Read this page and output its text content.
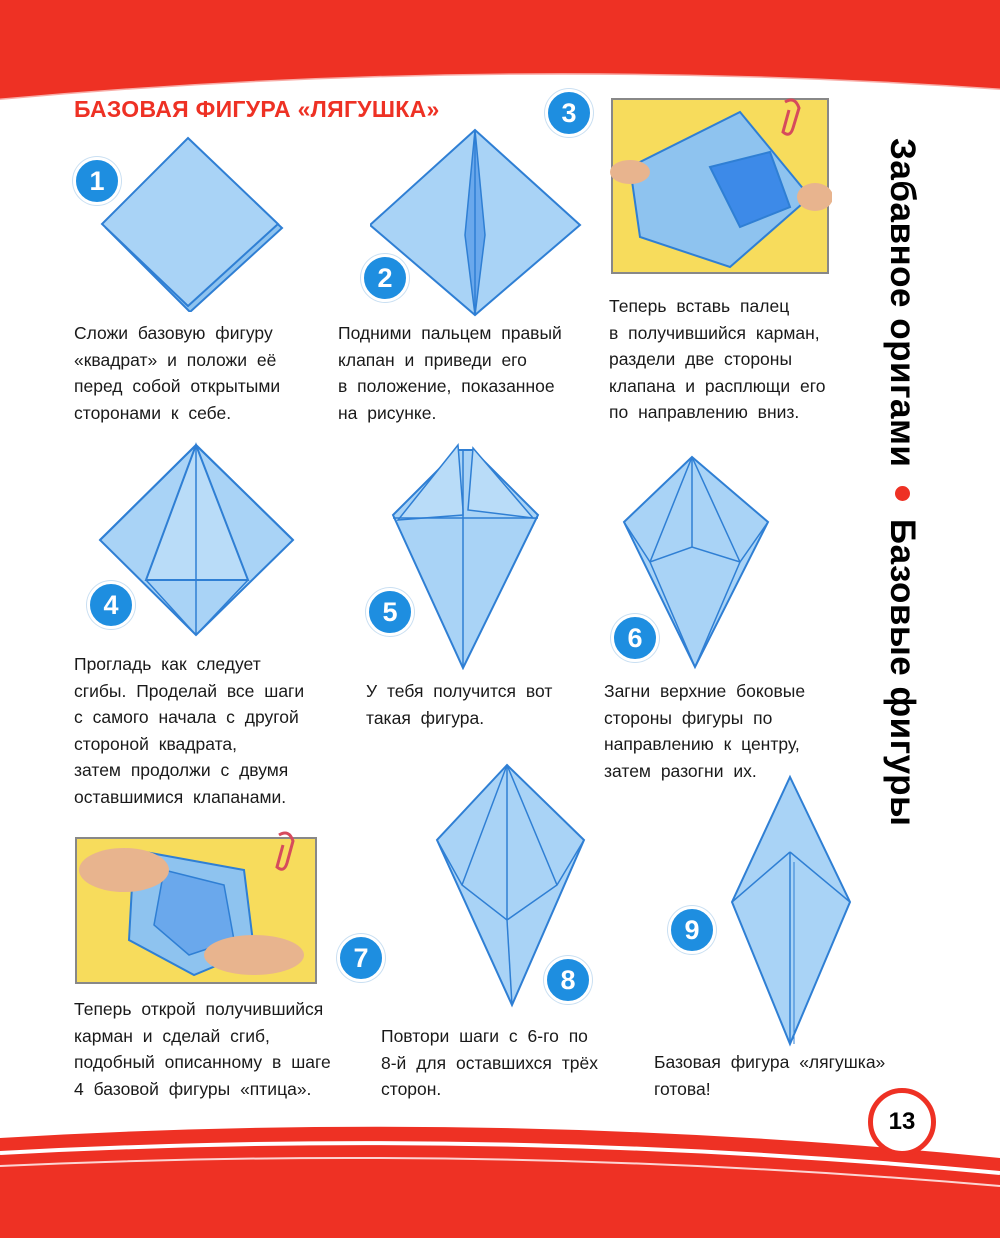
БАЗОВАЯ ФИГУРА «ЛЯГУШКА»
Забавное оригами  Базовые фигуры
1
2
3
4	5
6
7
8
9
Сложи базовую фигуру
«квадрат» и положи её
перед собой открытыми
сторонами к себе.
Подними пальцем правый
клапан и приведи его
в положение, показанное
на рисунке.
Теперь вставь палец
в получившийся карман,
раздели две стороны
клапана и расплющи его
по направлению вниз.
Прогладь как следует
сгибы. Проделай все шаги
с самого начала с другой
стороной квадрата,
затем продолжи с двумя
оставшимися клапанами.
У тебя получится вот
такая фигура.
Загни верхние боковые
стороны фигуры по
направлению к центру,
затем разогни их.
Теперь открой получившийся
карман и сделай сгиб,
подобный описанному в шаге
4 базовой фигуры «птица».
Повтори шаги с 6-го по
8-й для оставшихся трёх
сторон.
Базовая фигура «лягушка»
готова!
13
